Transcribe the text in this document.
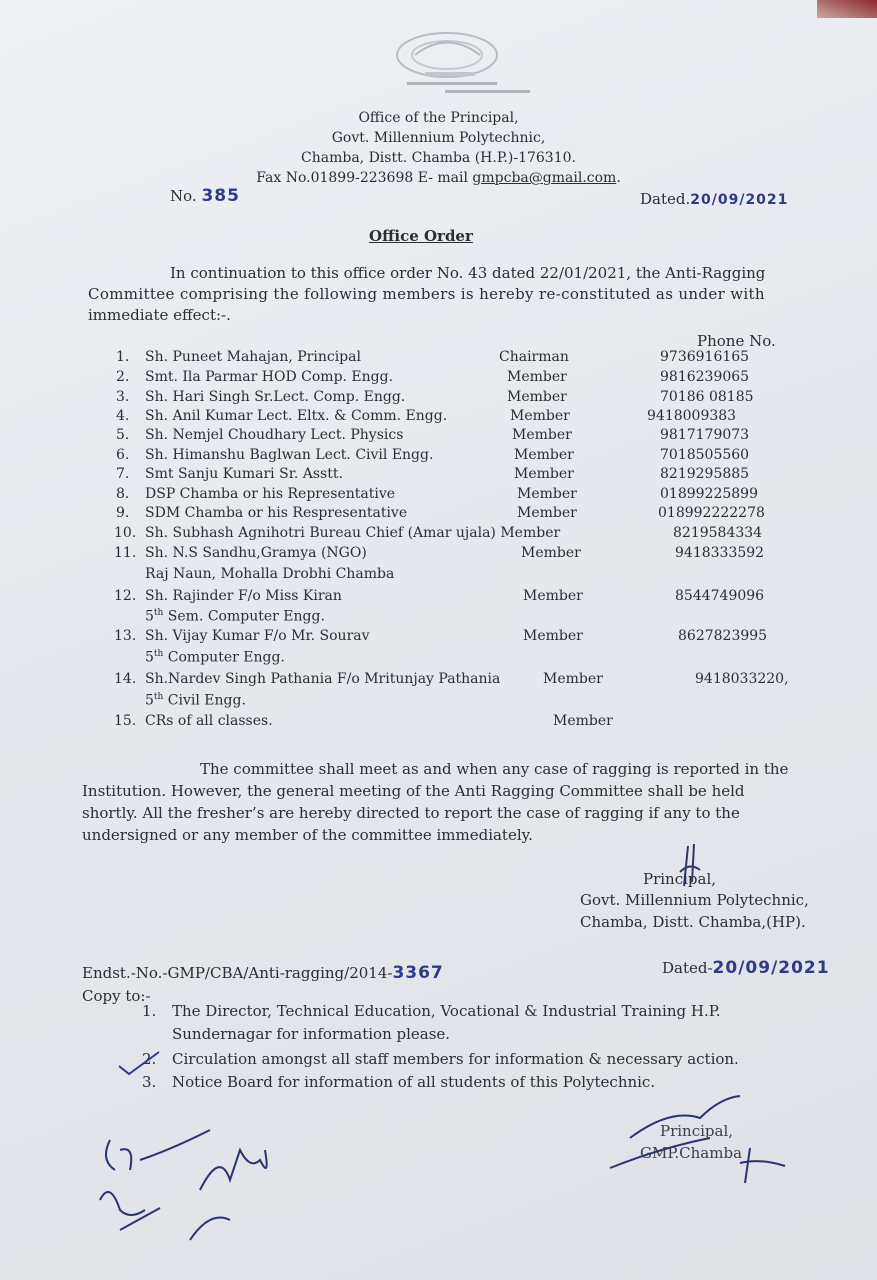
Office of the Principal,
Govt. Millennium Polytechnic,
Chamba, Distt. Chamba (H.P.)-176310.
Fax No.01899-223698 E- mail gmpcba@gmail.com.
No. 385	Dated.20/09/2021
Office Order
In continuation to this office order No. 43 dated 22/01/2021, the Anti-Ragging
Committee comprising the following members is hereby re-constituted as under with
immediate effect:-.
Phone No.
1. Sh. Puneet Mahajan, Principal	Chairman	9736916165
2. Smt. Ila Parmar HOD Comp. Engg.	Member	9816239065
3. Sh. Hari Singh Sr.Lect. Comp. Engg.	Member	70186 08185
4. Sh. Anil Kumar Lect. Eltx. & Comm. Engg.	Member	9418009383
5. Sh. Nemjel Choudhary Lect. Physics	Member	9817179073
6. Sh. Himanshu Baglwan Lect. Civil Engg.	Member	7018505560
7. Smt Sanju Kumari Sr. Asstt.	Member	8219295885
8. DSP Chamba or his Representative	Member	01899225899
9. SDM Chamba or his Respresentative	Member	018992222278
10. Sh. Subhash Agnihotri Bureau Chief (Amar ujala) Member	8219584334
11. Sh. N.S Sandhu,Gramya (NGO)	Member	9418333592
Raj Naun, Mohalla Drobhi Chamba
12. Sh. Rajinder F/o Miss Kiran	Member	8544749096
5th Sem. Computer Engg.
13. Sh. Vijay Kumar F/o Mr. Sourav	Member	8627823995
5th Computer Engg.
14. Sh.Nardev Singh Pathania F/o Mritunjay Pathania	Member	9418033220,
5th Civil Engg.
15. CRs of all classes.	Member
The committee shall meet as and when any case of ragging is reported in the
Institution. However, the general meeting of the Anti Ragging Committee shall be held
shortly. All the fresher’s are hereby directed to report the case of ragging if any to the
undersigned or any member of the committee immediately.
Principal,
Govt. Millennium Polytechnic,
Chamba, Distt. Chamba,(HP).
Endst.-No.-GMP/CBA/Anti-ragging/2014-3367	Dated-20/09/2021
Copy to:-
1. The Director, Technical Education, Vocational & Industrial Training H.P.
Sundernagar for information please.
2. Circulation amongst all staff members for information & necessary action.
3. Notice Board for information of all students of this Polytechnic.
Principal,
GMP.Chamba
